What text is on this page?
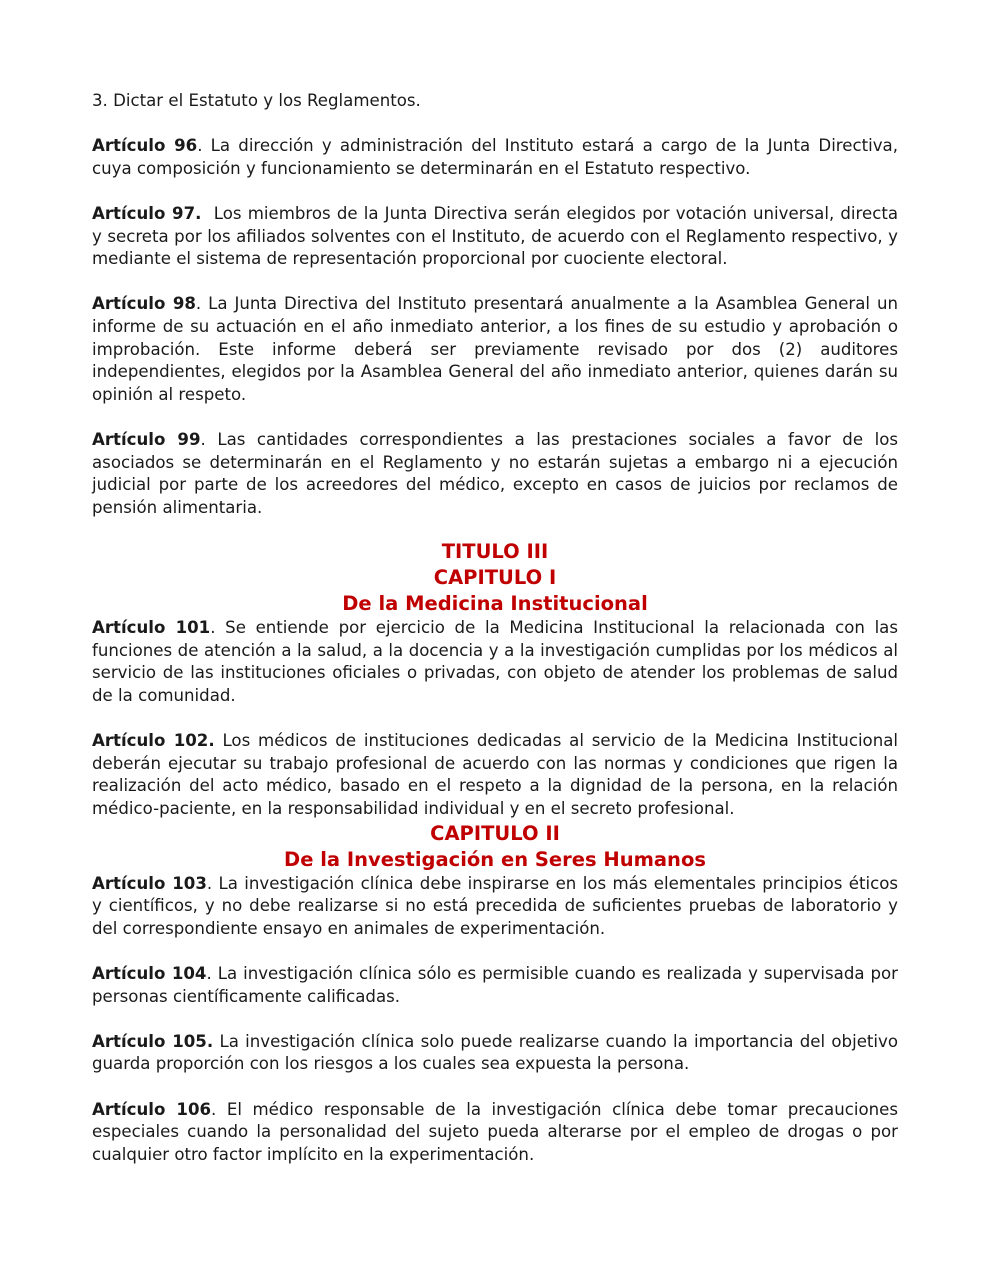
3. Dictar el Estatuto y los Reglamentos.

Artículo 96. La dirección y administración del Instituto estará a cargo de la Junta Directiva, cuya composición y funcionamiento se determinarán en el Estatuto respectivo.

Artículo 97.  Los miembros de la Junta Directiva serán elegidos por votación universal, directa y secreta por los afiliados solventes con el Instituto, de acuerdo con el Reglamento respectivo, y mediante el sistema de representación proporcional por cuociente electoral.

Artículo 98. La Junta Directiva del Instituto presentará anualmente a la Asamblea General un informe de su actuación en el año inmediato anterior, a los fines de su estudio y aprobación o improbación. Este informe deberá ser previamente revisado por dos (2) auditores independientes, elegidos por la Asamblea General del año inmediato anterior, quienes darán su opinión al respeto.

Artículo 99. Las cantidades correspondientes a las prestaciones sociales a favor de los asociados se determinarán en el Reglamento y no estarán sujetas a embargo ni a ejecución judicial por parte de los acreedores del médico, excepto en casos de juicios por reclamos de pensión alimentaria.

TITULO III

CAPITULO I

De la Medicina Institucional

Artículo 101. Se entiende por ejercicio de la Medicina Institucional la relacionada con las funciones de atención a la salud, a la docencia y a la investigación cumplidas por los médicos al servicio de las instituciones oficiales o privadas, con objeto de atender los problemas de salud de la comunidad.

Artículo 102. Los médicos de instituciones dedicadas al servicio de la Medicina Institucional deberán ejecutar su trabajo profesional de acuerdo con las normas y condiciones que rigen la realización del acto médico, basado en el respeto a la dignidad de la persona, en la relación médico-paciente, en la responsabilidad individual y en el secreto profesional.

CAPITULO II

De la Investigación en Seres Humanos

Artículo 103. La investigación clínica debe inspirarse en los más elementales principios éticos y científicos, y no debe realizarse si no está precedida de suficientes pruebas de laboratorio y del correspondiente ensayo en animales de experimentación.

Artículo 104. La investigación clínica sólo es permisible cuando es realizada y supervisada por personas científicamente calificadas.

Artículo 105. La investigación clínica solo puede realizarse cuando la importancia del objetivo guarda proporción con los riesgos a los cuales sea expuesta la persona.

Artículo 106. El médico responsable de la investigación clínica debe tomar precauciones especiales cuando la personalidad del sujeto pueda alterarse por el empleo de drogas o por cualquier otro factor implícito en la experimentación.
